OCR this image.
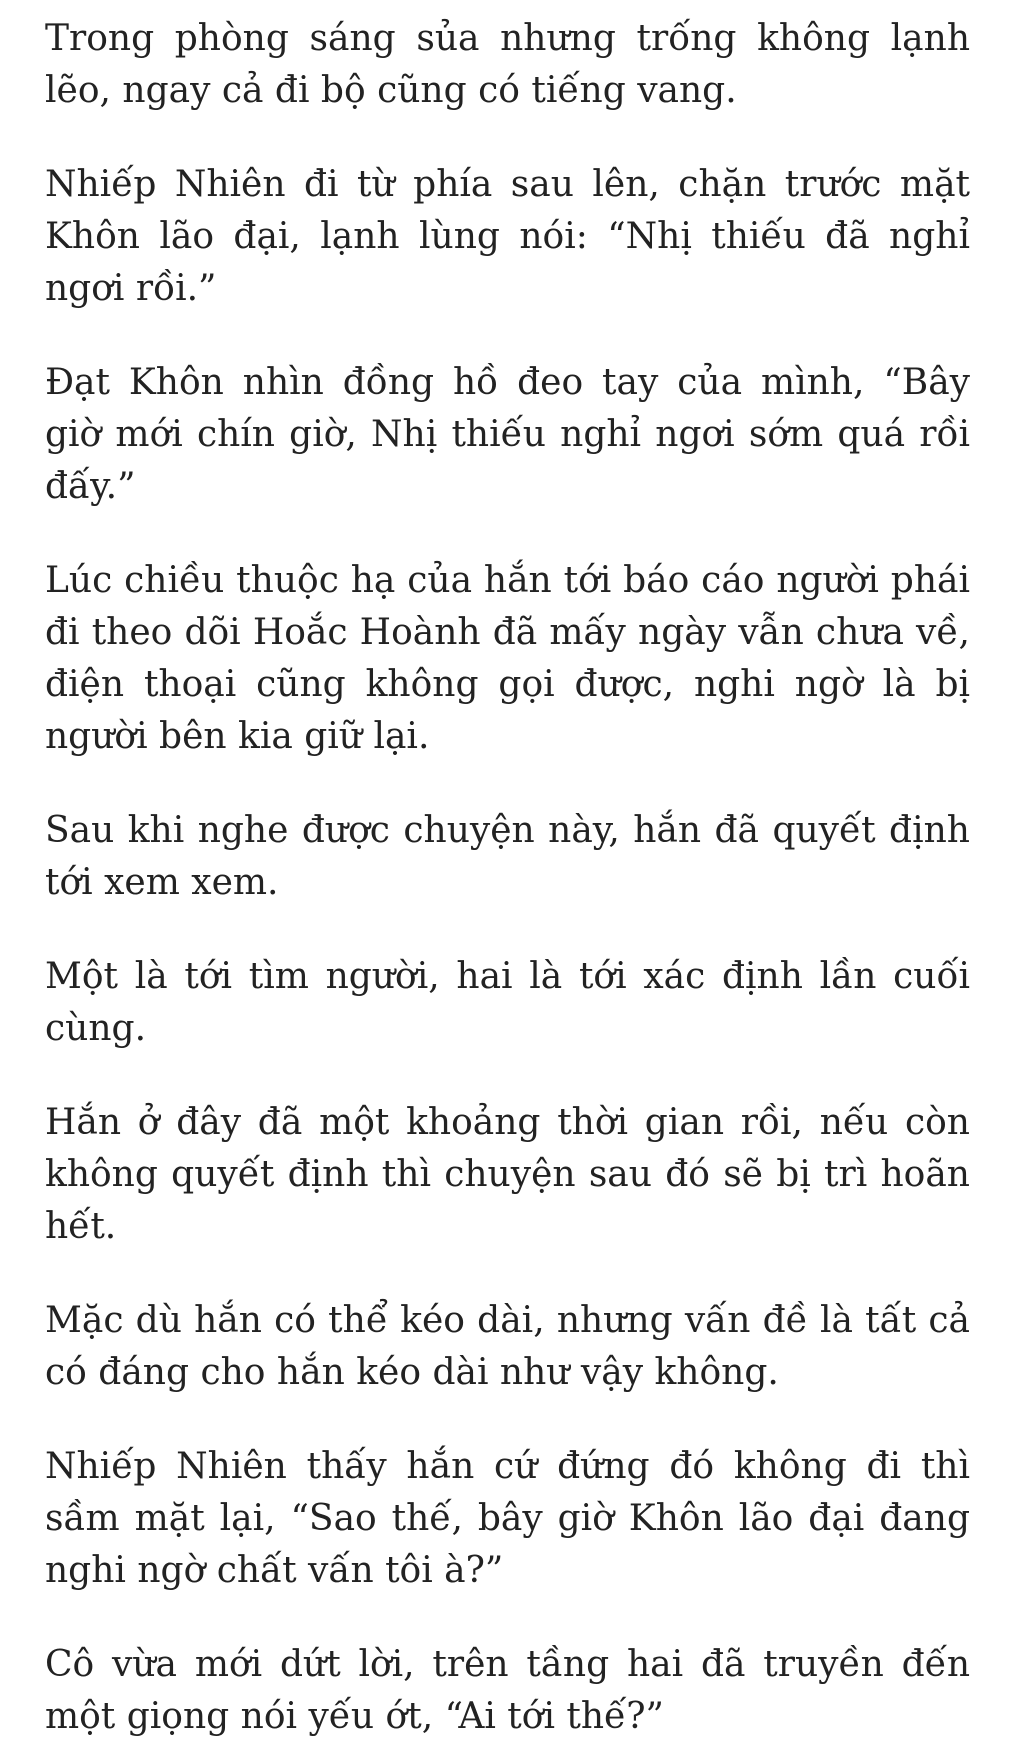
Trong phòng sáng sủa nhưng trống không lạnh lẽo, ngay cả đi bộ cũng có tiếng vang.

Nhiếp Nhiên đi từ phía sau lên, chặn trước mặt Khôn lão đại, lạnh lùng nói: “Nhị thiếu đã nghỉ ngơi rồi.”

Đạt Khôn nhìn đồng hồ đeo tay của mình, “Bây giờ mới chín giờ, Nhị thiếu nghỉ ngơi sớm quá rồi đấy.”

Lúc chiều thuộc hạ của hắn tới báo cáo người phái đi theo dõi Hoắc Hoành đã mấy ngày vẫn chưa về, điện thoại cũng không gọi được, nghi ngờ là bị người bên kia giữ lại.

Sau khi nghe được chuyện này, hắn đã quyết định tới xem xem.

Một là tới tìm người, hai là tới xác định lần cuối cùng.

Hắn ở đây đã một khoảng thời gian rồi, nếu còn không quyết định thì chuyện sau đó sẽ bị trì hoãn hết.

Mặc dù hắn có thể kéo dài, nhưng vấn đề là tất cả có đáng cho hắn kéo dài như vậy không.

Nhiếp Nhiên thấy hắn cứ đứng đó không đi thì sầm mặt lại, “Sao thế, bây giờ Khôn lão đại đang nghi ngờ chất vấn tôi à?”

Cô vừa mới dứt lời, trên tầng hai đã truyền đến một giọng nói yếu ớt, “Ai tới thế?”
